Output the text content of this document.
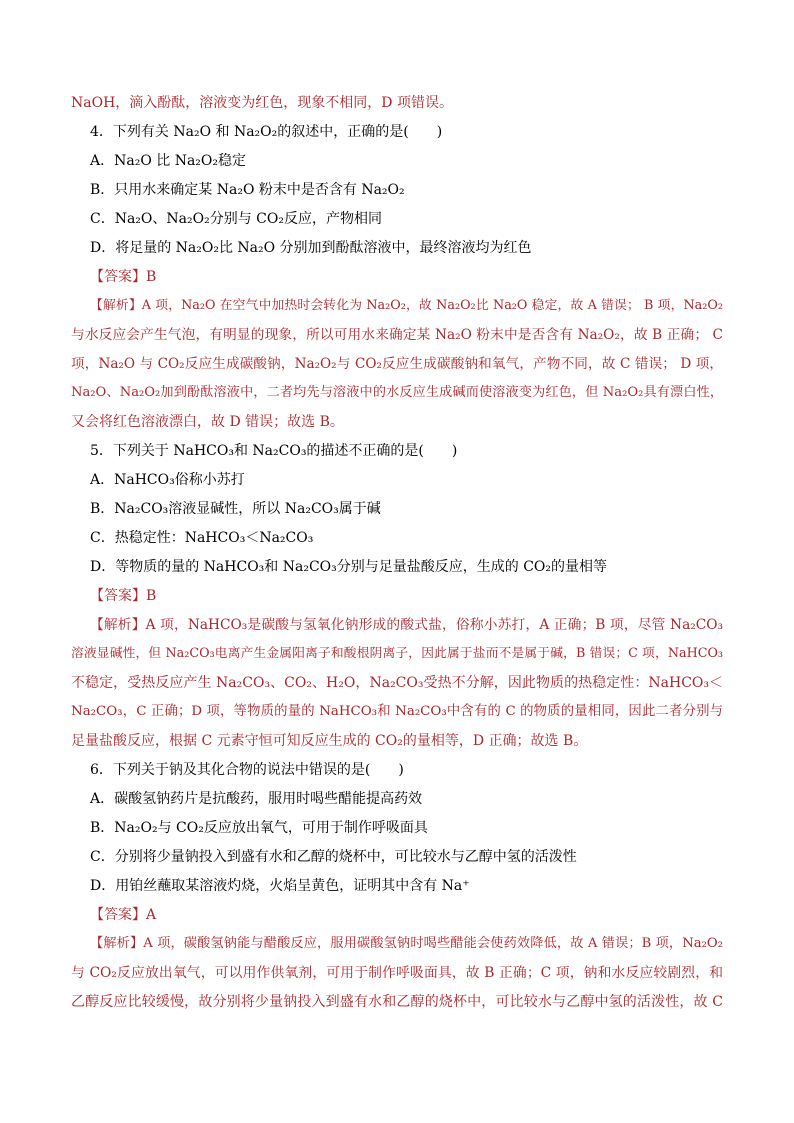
NaOH，滴入酚酞，溶液变为红色，现象不相同，D 项错误。
4．下列有关 Na₂O 和 Na₂O₂的叙述中，正确的是(　　)
A．Na₂O 比 Na₂O₂稳定
B．只用水来确定某 Na₂O 粉末中是否含有 Na₂O₂
C．Na₂O、Na₂O₂分别与 CO₂反应，产物相同
D．将足量的 Na₂O₂比 Na₂O 分别加到酚酞溶液中，最终溶液均为红色
【答案】B
【解析】A 项，Na₂O 在空气中加热时会转化为 Na₂O₂，故 Na₂O₂比 Na₂O 稳定，故 A 错误； B 项，Na₂O₂
与水反应会产生气泡，有明显的现象，所以可用水来确定某 Na₂O 粉末中是否含有 Na₂O₂，故 B 正确； C
项，Na₂O 与 CO₂反应生成碳酸钠，Na₂O₂与 CO₂反应生成碳酸钠和氧气，产物不同，故 C 错误； D 项，
Na₂O、Na₂O₂加到酚酞溶液中，二者均先与溶液中的水反应生成碱而使溶液变为红色，但 Na₂O₂具有漂白性，
又会将红色溶液漂白，故 D 错误；故选 B。
5．下列关于 NaHCO₃和 Na₂CO₃的描述不正确的是(　　)
A．NaHCO₃俗称小苏打
B．Na₂CO₃溶液显碱性，所以 Na₂CO₃属于碱
C．热稳定性：NaHCO₃＜Na₂CO₃
D．等物质的量的 NaHCO₃和 Na₂CO₃分别与足量盐酸反应，生成的 CO₂的量相等
【答案】B
【解析】A 项，NaHCO₃是碳酸与氢氧化钠形成的酸式盐，俗称小苏打，A 正确；B 项，尽管 Na₂CO₃
溶液显碱性，但 Na₂CO₃电离产生金属阳离子和酸根阴离子，因此属于盐而不是属于碱，B 错误；C 项，NaHCO₃
不稳定，受热反应产生 Na₂CO₃、CO₂、H₂O，Na₂CO₃受热不分解，因此物质的热稳定性：NaHCO₃＜
Na₂CO₃，C 正确；D 项，等物质的量的 NaHCO₃和 Na₂CO₃中含有的 C 的物质的量相同，因此二者分别与
足量盐酸反应，根据 C 元素守恒可知反应生成的 CO₂的量相等，D 正确；故选 B。
6．下列关于钠及其化合物的说法中错误的是(　　)
A．碳酸氢钠药片是抗酸药，服用时喝些醋能提高药效
B．Na₂O₂与 CO₂反应放出氧气，可用于制作呼吸面具
C．分别将少量钠投入到盛有水和乙醇的烧杯中，可比较水与乙醇中氢的活泼性
D．用铂丝蘸取某溶液灼烧，火焰呈黄色，证明其中含有 Na⁺
【答案】A
【解析】A 项，碳酸氢钠能与醋酸反应，服用碳酸氢钠时喝些醋能会使药效降低，故 A 错误；B 项，Na₂O₂
与 CO₂反应放出氧气，可以用作供氧剂，可用于制作呼吸面具，故 B 正确；C 项，钠和水反应较剧烈，和
乙醇反应比较缓慢，故分别将少量钠投入到盛有水和乙醇的烧杯中，可比较水与乙醇中氢的活泼性，故 C
